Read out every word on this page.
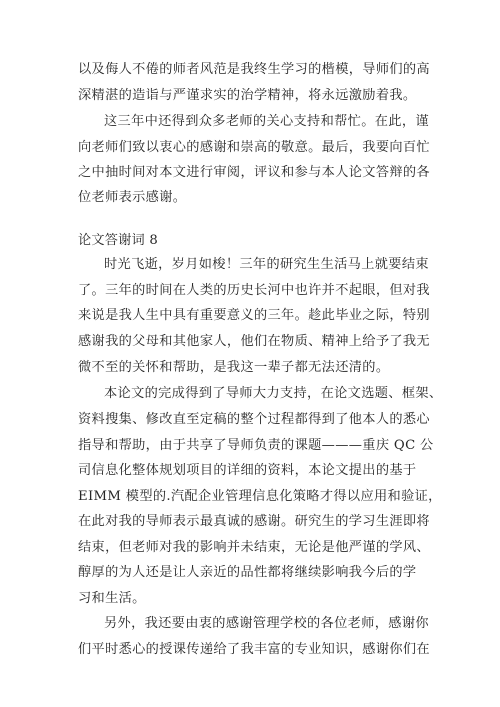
以及侮人不倦的师者风范是我终生学习的楷模，导师们的高
深精湛的造诣与严谨求实的治学精神，将永远激励着我。
这三年中还得到众多老师的关心支持和帮忙。在此，谨
向老师们致以衷心的感谢和崇高的敬意。最后，我要向百忙
之中抽时间对本文进行审阅，评议和参与本人论文答辩的各
位老师表示感谢。
论文答谢词 8
时光飞逝，岁月如梭！三年的研究生生活马上就要结束
了。三年的时间在人类的历史长河中也许并不起眼，但对我
来说是我人生中具有重要意义的三年。趁此毕业之际，特别
感谢我的父母和其他家人，他们在物质、精神上给予了我无
微不至的关怀和帮助，是我这一辈子都无法还清的。
本论文的完成得到了导师大力支持，在论文选题、框架、
资料搜集、修改直至定稿的整个过程都得到了他本人的悉心
指导和帮助，由于共享了导师负责的课题———重庆 QC 公
司信息化整体规划项目的详细的资料，本论文提出的基于
EIMM 模型的.汽配企业管理信息化策略才得以应用和验证，
在此对我的导师表示最真诚的感谢。研究生的学习生涯即将
结束，但老师对我的影响并未结束，无论是他严谨的学风、
醇厚的为人还是让人亲近的品性都将继续影响我今后的学
习和生活。
另外，我还要由衷的感谢管理学校的各位老师，感谢你
们平时悉心的授课传递给了我丰富的专业知识，感谢你们在
